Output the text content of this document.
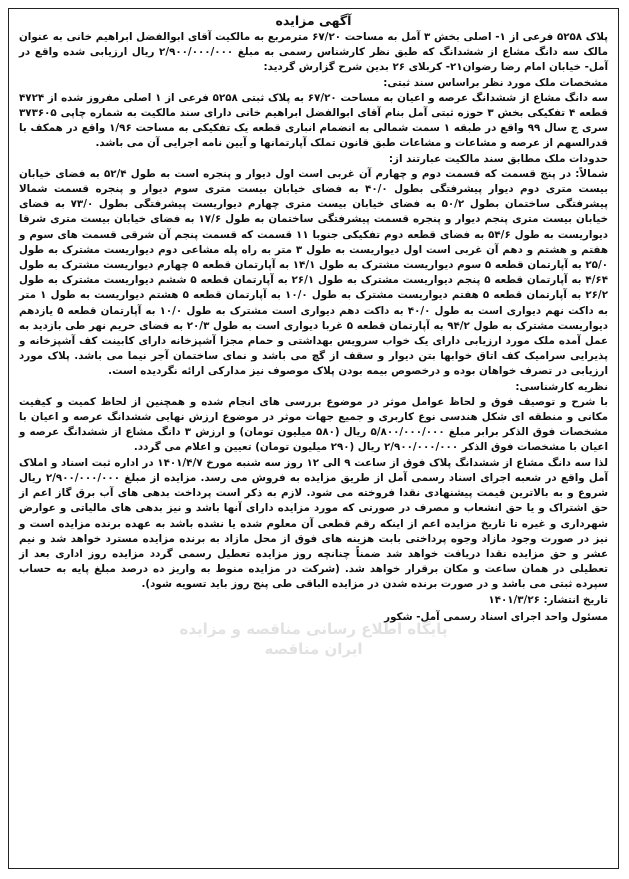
آگهی مزایده

پلاک ۵۲۵۸ فرعی از ۱- اصلی بخش ۳ آمل به مساحت ۶۷/۲۰ مترمربع به مالکیت آقای ابوالفضل ابراهیم خانی به عنوان مالک سه دانگ مشاع از ششدانگ که طبق نظر کارشناس رسمی به مبلغ ۲/۹۰۰/۰۰۰/۰۰۰ ریال ارزیابی شده واقع در آمل- خیابان امام رضا رضوان۲۱- کربلای ۲۶ بدین شرح گزارش گردید:

مشخصات ملک مورد نظر براساس سند ثبتی:

سه دانگ مشاع از ششدانگ عرصه و اعیان به مساحت ۶۷/۲۰ به پلاک ثبتی ۵۲۵۸ فرعی از ۱ اصلی مفروز شده از ۴۷۲۴ قطعه ۴ تفکیکی بخش ۳ حوزه ثبتی آمل بنام آقای ابوالفضل ابراهیم خانی دارای سند مالکیت به شماره چاپی ۳۷۳۶۰۵ سری ج سال ۹۹ واقع در طبقه ۱ سمت شمالی به انضمام انباری قطعه یک تفکیکی به مساحت ۱/۹۶ واقع در همکف با قدرالسهم از عرصه و مشاعات و مشاعات طبق قانون تملک آپارتمانها و آیین نامه اجرایی آن می باشد.

حدودات ملک مطابق سند مالکیت عبارتند از:

شمالاً: در پنج قسمت که قسمت دوم و چهارم آن غربی است اول دیوار و پنجره است به طول ۵۲/۴ به فضای خیابان بیست متری دوم دیوار پیشرفتگی بطول ۴۰/۰ به فضای خیابان بیست متری سوم دیوار و پنجره قسمت شمالا پیشرفتگی ساختمان بطول ۵۰/۲ به فضای خیابان بیست متری چهارم دیواریست پیشرفتگی بطول ۷۳/۰ به فضای خیابان بیست متری پنجم دیوار و پنجره قسمت پیشرفتگی ساختمان به طول ۱۷/۶ به فضای خیابان بیست متری شرقا دیواریست به طول ۵۴/۶ به فضای قطعه دوم تفکیکی جنوبا ۱۱ قسمت که قسمت پنجم آن شرقی قسمت های سوم و هفتم و هشتم و دهم آن غربی است اول دیواریست به طول ۳ متر به راه پله مشاعی دوم دیواریست مشترک به طول ۲۵/۰ به آپارتمان قطعه ۵ سوم دیواریست مشترک به طول ۱۴/۱ به آپارتمان قطعه ۵ چهارم دیواریست مشترک به طول ۴/۶۴ به آپارتمان قطعه ۵ پنجم دیواریست مشترک به طول ۲۶/۱ به آپارتمان قطعه ۵ ششم دیواریست مشترک به طول ۲۶/۲ به آپارتمان قطعه ۵ هفتم دیواریست مشترک به طول ۱۰/۰ به آپارتمان قطعه ۵ هشتم دیواریست به طول ۱ متر به داکت نهم دیواری است به طول ۴۰/۰ به داکت دهم دیواری است مشترک به طول ۱۰/۰ به آپارتمان قطعه ۵ یازدهم دیواریست مشترک به طول ۹۴/۲ به آپارتمان قطعه ۵ غربا دیواری است به طول ۲۰/۳ به فضای حریم نهر طی بازدید به عمل آمده ملک مورد ارزیابی دارای یک خواب سرویس بهداشتی و حمام مجزا آشپزخانه دارای کابینت کف آشپزخانه و پذیرایی سرامیک کف اتاق خوابها بتن دیوار و سقف از گچ می باشد و نمای ساختمان آجر نیما می باشد. پلاک مورد ارزیابی در تصرف خواهان بوده و درخصوص بیمه بودن پلاک موصوف نیز مدارکی ارائه نگردیده است.

نظریه کارشناسی:

با شرح و توصیف فوق و لحاظ عوامل موثر در موضوع بررسی های انجام شده و همچنین از لحاظ کمیت و کیفیت مکانی و منطقه ای شکل هندسی نوع کاربری و جمیع جهات موثر در موضوع ارزش نهایی ششدانگ عرصه و اعیان با مشخصات فوق الذکر برابر مبلغ ۵/۸۰۰/۰۰۰/۰۰۰ ریال (۵۸۰ میلیون تومان) و ارزش ۳ دانگ مشاع از ششدانگ عرصه و اعیان با مشخصات فوق الذکر ۲/۹۰۰/۰۰۰/۰۰۰ ریال (۲۹۰ میلیون تومان) تعیین و اعلام می گردد.

لذا سه دانگ مشاع از ششدانگ پلاک فوق از ساعت ۹ الی ۱۲ روز سه شنبه مورخ ۱۴۰۱/۴/۷ در اداره ثبت اسناد و املاک آمل واقع در شعبه اجرای اسناد رسمی آمل از طریق مزایده به فروش می رسد. مزایده از مبلغ ۲/۹۰۰/۰۰۰/۰۰۰ ریال شروع و به بالاترین قیمت پیشنهادی نقدا فروخته می شود. لازم به ذکر است پرداخت بدهی های آب برق گاز اعم از حق اشتراک و یا حق انشعاب و مصرف در صورتی که مورد مزایده دارای آنها باشد و نیز بدهی های مالیاتی و عوارض شهرداری و غیره تا تاریخ مزایده اعم از اینکه رقم قطعی آن معلوم شده یا نشده باشد به عهده برنده مزایده است و نیز در صورت وجود مازاد وجوه پرداختی بابت هزینه های فوق از محل مازاد به برنده مزایده مسترد خواهد شد و نیم عشر و حق مزایده نقدا دریافت خواهد شد ضمناً چنانچه روز مزایده تعطیل رسمی گردد مزایده روز اداری بعد از تعطیلی در همان ساعت و مکان برقرار خواهد شد. (شرکت در مزایده منوط به واریز ده درصد مبلغ پایه به حساب سپرده ثبتی می باشد و در صورت برنده شدن در مزایده الباقی طی پنج روز باید تسویه شود).

تاریخ انتشار: ۱۴۰۱/۳/۲۶

مسئول واحد اجرای اسناد رسمی آمل- شکور

پایگاه اطلاع رسانی مناقصه و مزایده
ایران مناقصه
